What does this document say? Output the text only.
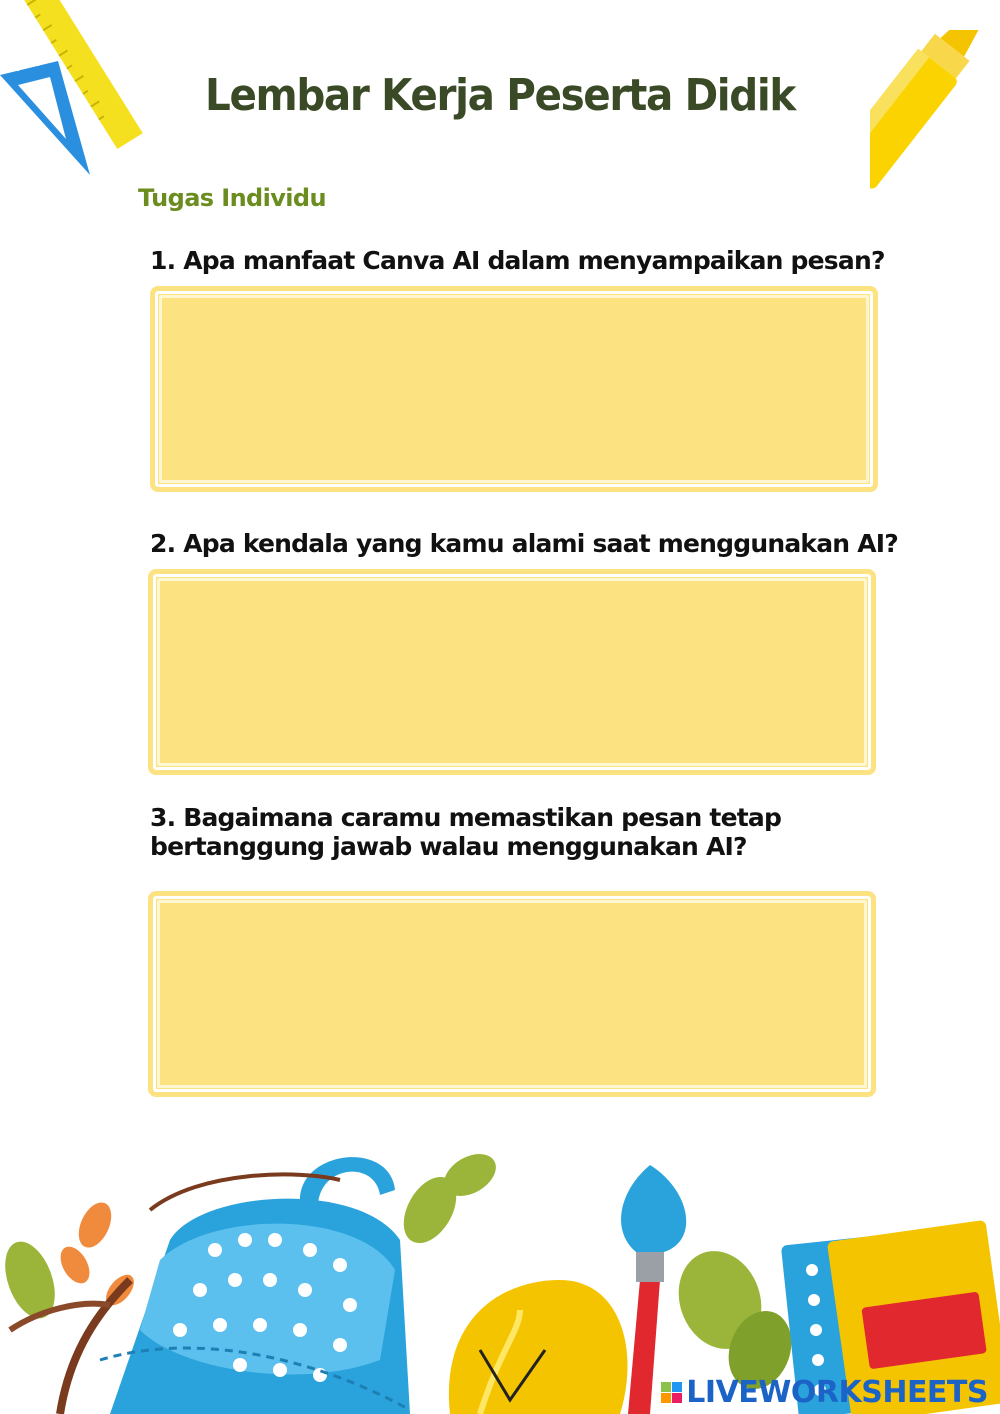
Lembar Kerja Peserta Didik
Tugas Individu
1. Apa manfaat Canva AI dalam menyampaikan pesan?
2. Apa kendala yang kamu alami saat menggunakan AI?
3. Bagaimana caramu memastikan pesan tetap
bertanggung jawab walau menggunakan AI?
LIVEWORKSHEETS
